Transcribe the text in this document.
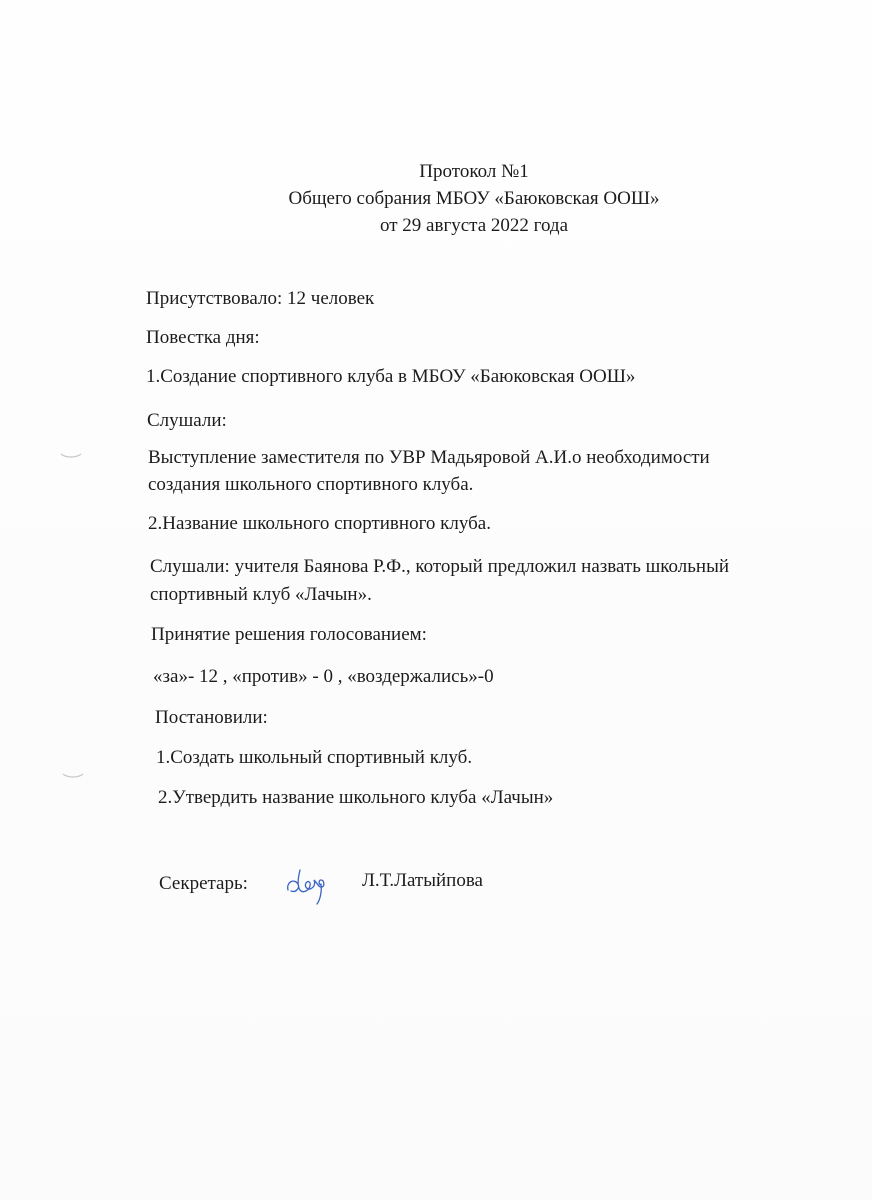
Протокол №1
Общего собрания МБОУ «Баюковская ООШ»
от 29 августа 2022 года
Присутствовало: 12 человек
Повестка дня:
1.Создание спортивного клуба в МБОУ «Баюковская ООШ»
Слушали:
Выступление заместителя по УВР Мадьяровой А.И.о необходимости
создания школьного спортивного клуба.
2.Название школьного спортивного клуба.
Слушали: учителя Баянова Р.Ф., который предложил назвать школьный
спортивный клуб «Лачын».
Принятие решения голосованием:
«за»- 12 , «против» - 0 , «воздержались»-0
Постановили:
1.Создать школьный спортивный клуб.
2.Утвердить название школьного клуба «Лачын»
Секретарь:	Л.Т.Латыйпова
